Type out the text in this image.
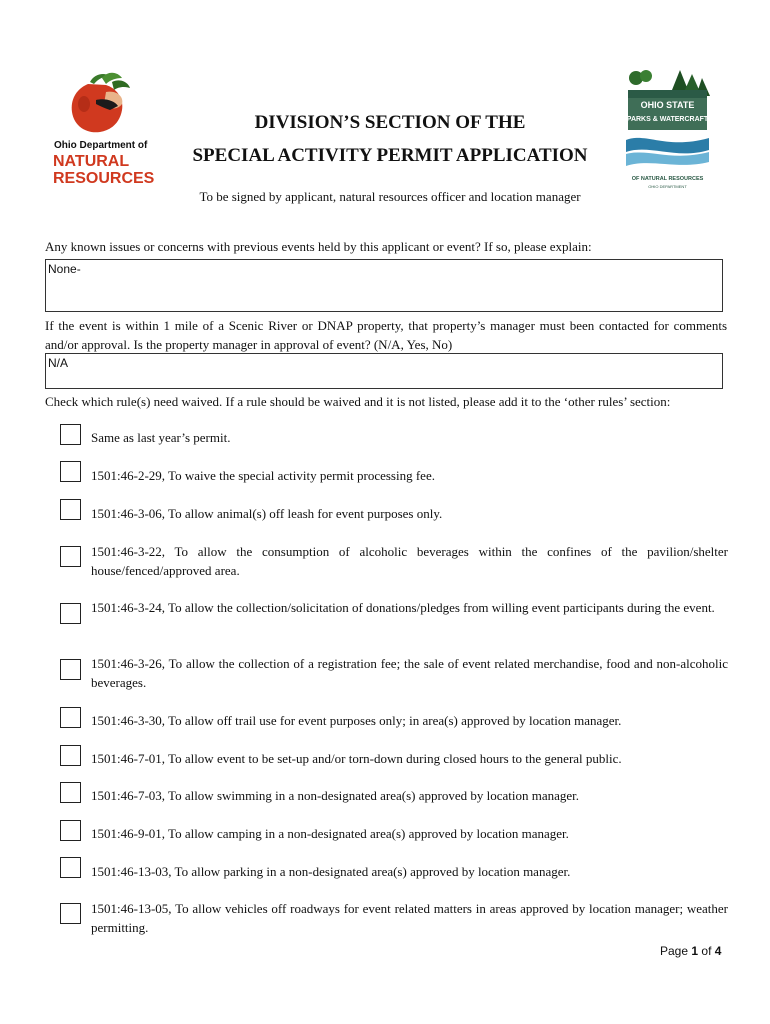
Ohio Department of
NATURAL
RESOURCES
OHIO STATE
PARKS & WATERCRAFT
OF NATURAL RESOURCES
OHIO DEPARTMENT
DIVISION’S SECTION OF THE
SPECIAL ACTIVITY PERMIT APPLICATION
To be signed by applicant, natural resources officer and location manager
Any known issues or concerns with previous events held by this applicant or event? If so, please explain:
None-
If the event is within 1 mile of a Scenic River or DNAP property, that property’s manager must been contacted for comments and/or approval. Is the property manager in approval of event? (N/A, Yes, No)
N/A
Check which rule(s) need waived. If a rule should be waived and it is not listed, please add it to the ‘other rules’ section:
Same as last year’s permit.
1501:46-2-29, To waive the special activity permit processing fee.
1501:46-3-06, To allow animal(s) off leash for event purposes only.
1501:46-3-22, To allow the consumption of alcoholic beverages within the confines of the pavilion/shelter house/fenced/approved area.
1501:46-3-24, To allow the collection/solicitation of donations/pledges from willing event participants during the event.
1501:46-3-26, To allow the collection of a registration fee; the sale of event related merchandise, food and non-alcoholic beverages.
1501:46-3-30, To allow off trail use for event purposes only; in area(s) approved by location manager.
1501:46-7-01, To allow event to be set-up and/or torn-down during closed hours to the general public.
1501:46-7-03, To allow swimming in a non-designated area(s) approved by location manager.
1501:46-9-01, To allow camping in a non-designated area(s) approved by location manager.
1501:46-13-03, To allow parking in a non-designated area(s) approved by location manager.
1501:46-13-05, To allow vehicles off roadways for event related matters in areas approved by location manager; weather permitting.
Page 1 of 4
